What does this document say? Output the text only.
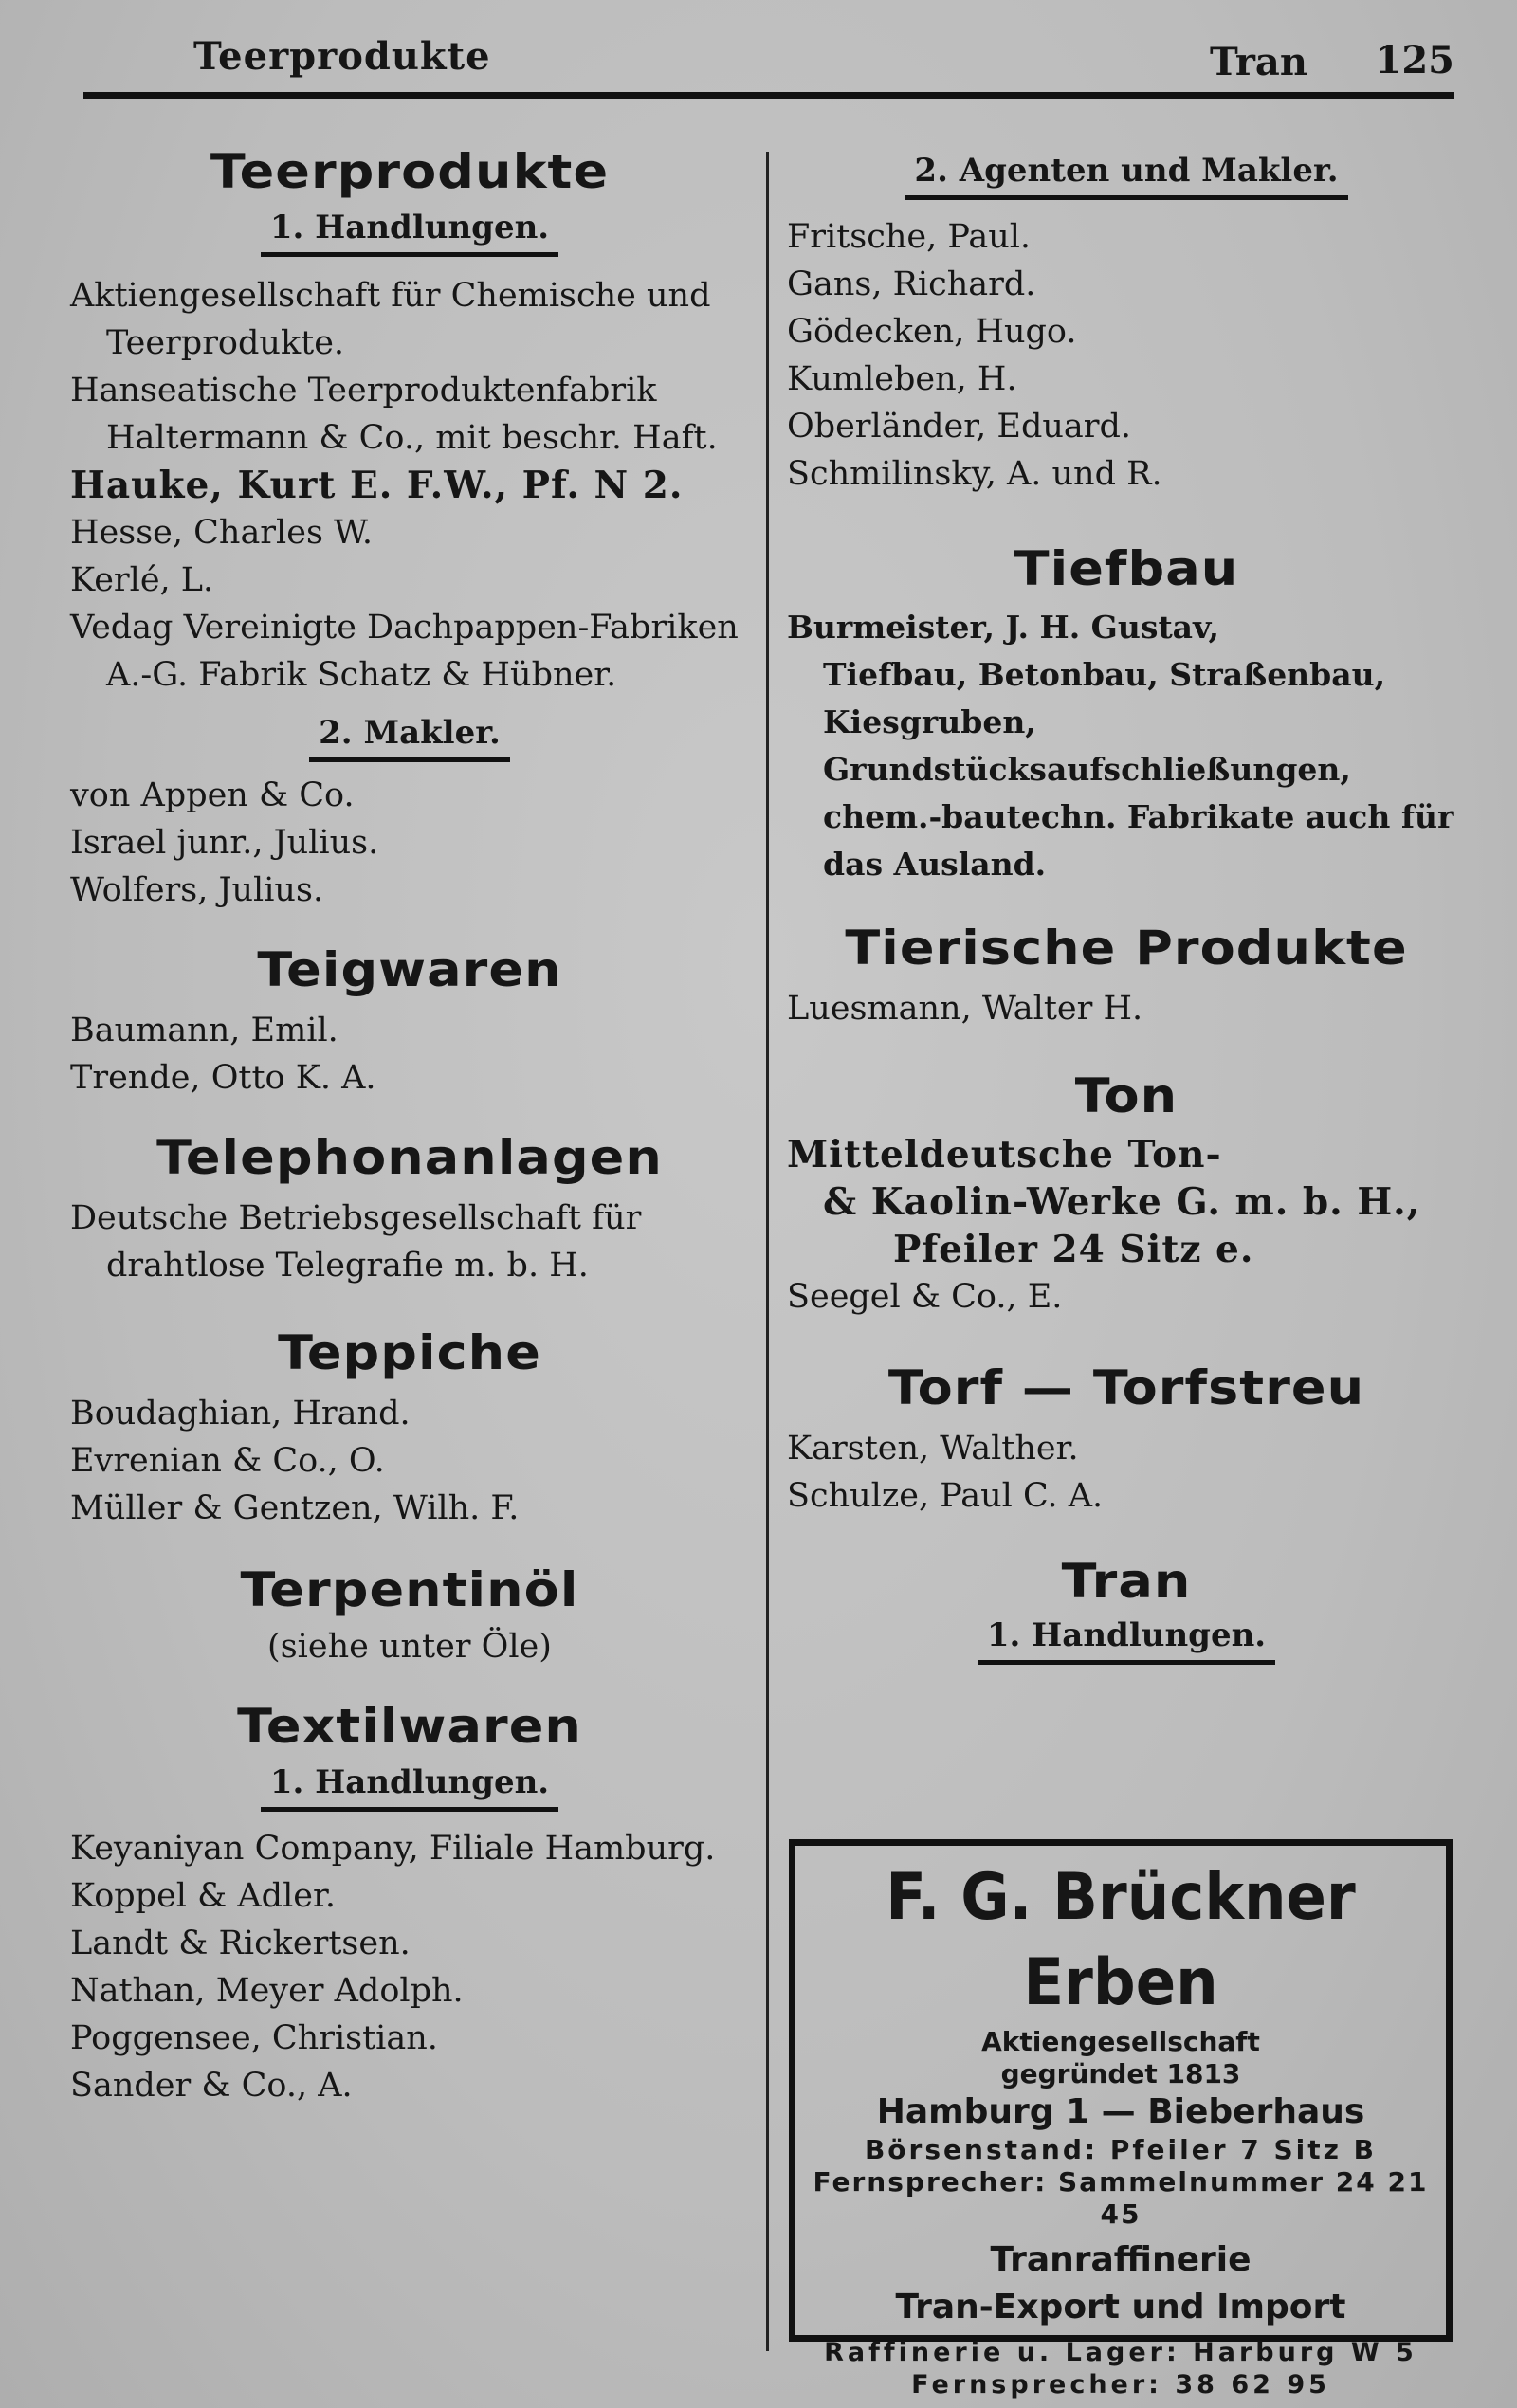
Teerprodukte	Tran 125
Teerprodukte

1. Handlungen.

Aktiengesellschaft für Chemische und Teerprodukte.
Hanseatische Teerproduktenfabrik Haltermann & Co., mit beschr. Haft.
Hauke, Kurt E. F.W., Pf. N 2.
Hesse, Charles W.
Kerlé, L.
Vedag Vereinigte Dachpappen-Fabriken A.-G. Fabrik Schatz & Hübner.

2. Makler.

von Appen & Co.
Israel junr., Julius.
Wolfers, Julius.
Teigwaren
Baumann, Emil.
Trende, Otto K. A.
Telephonanlagen
Deutsche Betriebsgesellschaft für drahtlose Telegrafie m. b. H.
Teppiche
Boudaghian, Hrand.
Evrenian & Co., O.
Müller & Gentzen, Wilh. F.
Terpentinöl

(siehe unter Öle)

Textilwaren

1. Handlungen.

Keyaniyan Company, Filiale Hamburg.
Koppel & Adler.
Landt & Rickertsen.
Nathan, Meyer Adolph.
Poggensee, Christian.
Sander & Co., A.

2. Agenten und Makler.

Fritsche, Paul.
Gans, Richard.
Gödecken, Hugo.
Kumleben, H.
Oberländer, Eduard.
Schmilinsky, A. und R.
Tiefbau
Burmeister, J. H. Gustav,
Tiefbau, Betonbau, Straßenbau, Kiesgruben, Grundstücksaufschließungen, chem.-bautechn. Fabrikate auch für das Ausland.
Tierische Produkte
Luesmann, Walter H.
Ton
Mitteldeutsche Ton-
& Kaolin-Werke G. m. b. H.,
Pfeiler 24 Sitz e.
Seegel & Co., E.
Torf — Torfstreu
Karsten, Walther.
Schulze, Paul C. A.
Tran

1. Handlungen.

F. G. Brückner Erben
Aktiengesellschaft
gegründet 1813
Hamburg 1 — Bieberhaus
Börsenstand: Pfeiler 7 Sitz B
Fernsprecher: Sammelnummer 24 21 45
Tranraffinerie
Tran-Export und Import
Raffinerie u. Lager: Harburg W 5
Fernsprecher: 38 62 95
